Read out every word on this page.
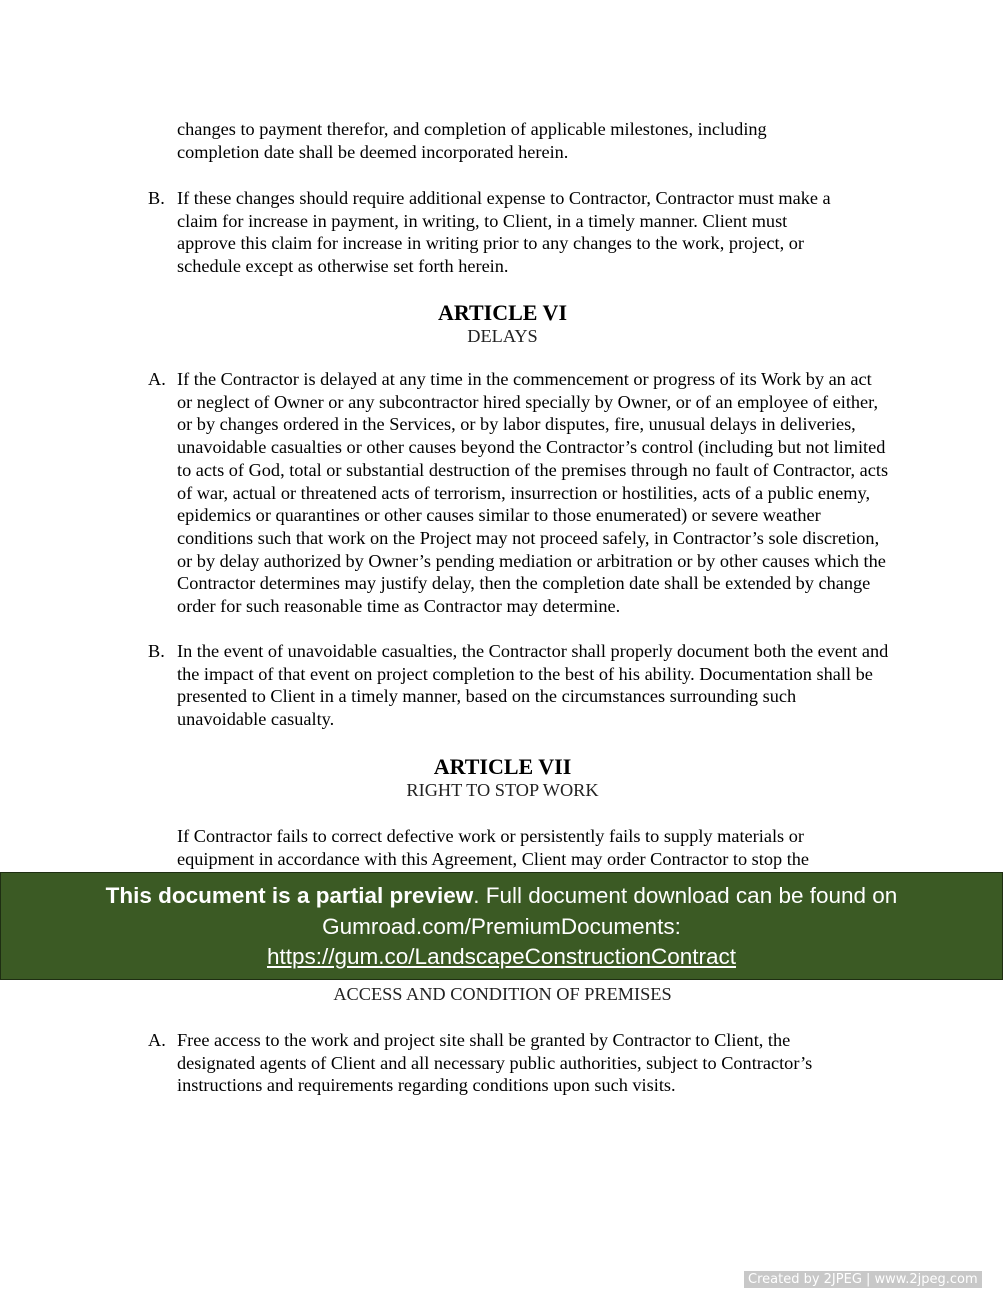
changes to payment therefor, and completion of applicable milestones, including
completion date shall be deemed incorporated herein.
B. If these changes should require additional expense to Contractor, Contractor must make a
claim for increase in payment, in writing, to Client, in a timely manner. Client must
approve this claim for increase in writing prior to any changes to the work, project, or
schedule except as otherwise set forth herein.
ARTICLE VI
DELAYS
A. If the Contractor is delayed at any time in the commencement or progress of its Work by an act
or neglect of Owner or any subcontractor hired specially by Owner, or of an employee of either,
or by changes ordered in the Services, or by labor disputes, fire, unusual delays in deliveries,
unavoidable casualties or other causes beyond the Contractor’s control (including but not limited
to acts of God, total or substantial destruction of the premises through no fault of Contractor, acts
of war, actual or threatened acts of terrorism, insurrection or hostilities, acts of a public enemy,
epidemics or quarantines or other causes similar to those enumerated) or severe weather
conditions such that work on the Project may not proceed safely, in Contractor’s sole discretion,
or by delay authorized by Owner’s pending mediation or arbitration or by other causes which the
Contractor determines may justify delay, then the completion date shall be extended by change
order for such reasonable time as Contractor may determine.
B. In the event of unavoidable casualties, the Contractor shall properly document both the event and
the impact of that event on project completion to the best of his ability. Documentation shall be
presented to Client in a timely manner, based on the circumstances surrounding such
unavoidable casualty.
ARTICLE VII
RIGHT TO STOP WORK
If Contractor fails to correct defective work or persistently fails to supply materials or
equipment in accordance with this Agreement, Client may order Contractor to stop the
This document is a partial preview. Full document download can be found on
Gumroad.com/PremiumDocuments:
https://gum.co/LandscapeConstructionContract
ACCESS AND CONDITION OF PREMISES
A. Free access to the work and project site shall be granted by Contractor to Client, the
designated agents of Client and all necessary public authorities, subject to Contractor’s
instructions and requirements regarding conditions upon such visits.
Created by 2JPEG | www.2jpeg.com
